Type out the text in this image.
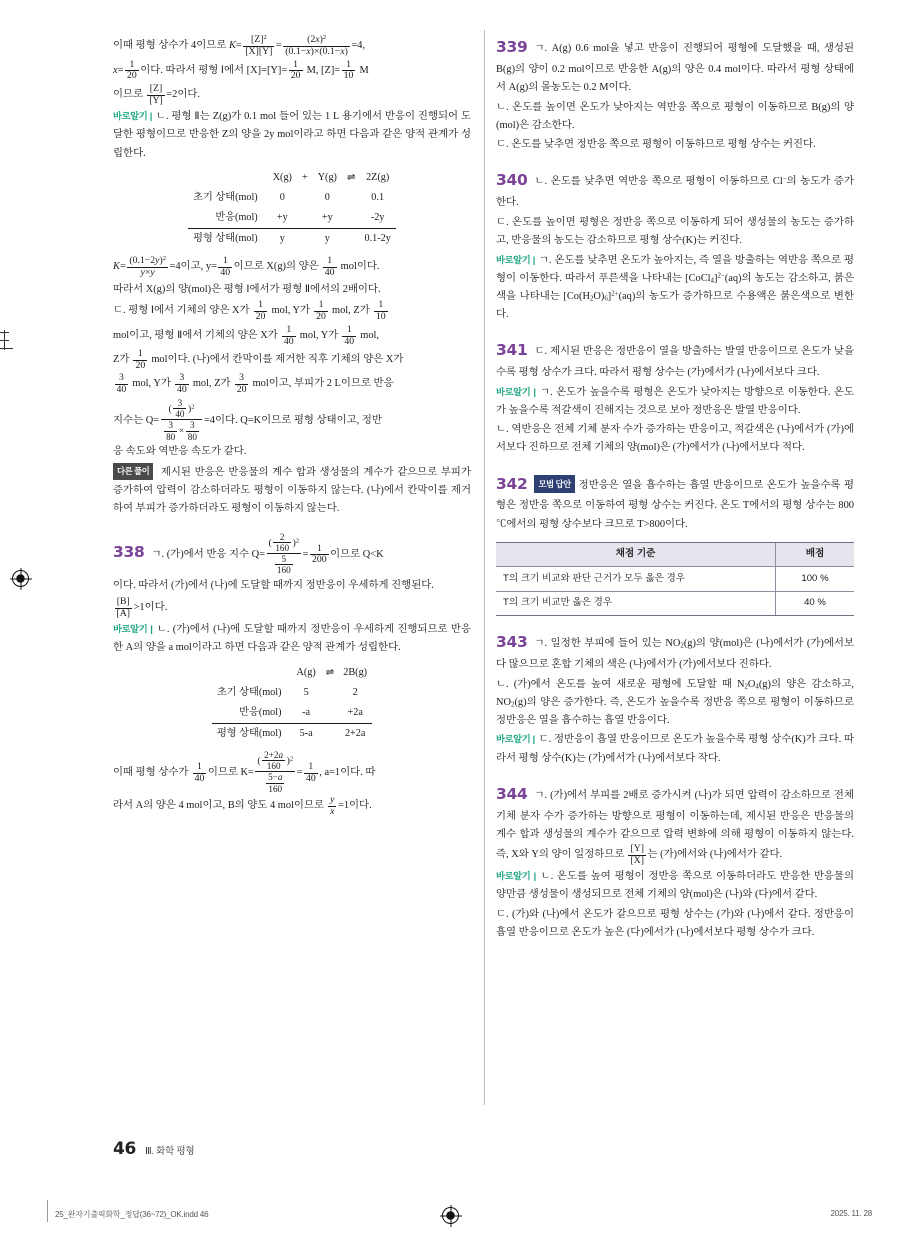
이때 평형 상수가 4이므로 $K= \frac{[Z]^2}{[X][Y]} = \frac{(2x)^2}{(0.1-x)\times(0.1-x)} =4$,

$x= \frac{1}{20}$ 이다. 따라서 평형 Ⅰ에서 $[X]=[Y]= \frac{1}{20} M$, $[Z]= \frac{1}{10}$ M

이므로 $\frac{[Z]}{[Y]} =2$이다.

바로알기 | ㄴ. 평형 Ⅱ는 Z(g)가 0.1 mol 들어 있는 1 L 용기에서 반응이 진행되어 도달한 평형이므로 반응한 Z의 양을 2y mol이라고 하면 다음과 같은 양적 관계가 성립한다.

	X(g)	+	Y(g)	⇌	2Z(g)
초기 상태(mol)	0		0		0.1
반응(mol)	+y		+y		-2y
평형 상태(mol)	y		y		0.1-2y

$K= \frac{(0.1-2y)^2}{y\times y} =4$이고, $y= \frac{1}{40}$ 이므로 X(g)의 양은 $\frac{1}{40}$ mol이다.

따라서 X(g)의 양(mol)은 평형 Ⅰ에서가 평형 Ⅱ에서의 2배이다.

ㄷ. 평형 Ⅰ에서 기체의 양은 X가 $\frac{1}{20}$ mol, Y가 $\frac{1}{20}$ mol, Z가 $\frac{1}{10}$

mol이고, 평형 Ⅱ에서 기체의 양은 X가 $\frac{1}{40}$ mol, Y가 $\frac{1}{40}$ mol,

Z가 $\frac{1}{20}$ mol이다. (나)에서 칸막이를 제거한 직후 기체의 양은 X가

$\frac{3}{40}$ mol, Y가 $\frac{3}{40}$ mol, Z가 $\frac{3}{20}$ mol이고, 부피가 2 L이므로 반응

지수는 $Q= \frac{( \frac{3}{40} )^2}{\frac{3}{80} \times \frac{3}{80}} =4$이다. Q=K이므로 평형 상태이고, 정반

응 속도와 역반응 속도가 같다.

다른 풀이 제시된 반응은 반응물의 계수 합과 생성물의 계수가 같으므로 부피가 증가하여 압력이 감소하더라도 평형이 이동하지 않는다. (나)에서 칸막이를 제거하여 부피가 증가하더라도 평형이 이동하지 않는다.

338 ㄱ. (가)에서 반응 지수 $Q= \frac{( \frac{2}{160} )^2}{\frac{5}{160}} = \frac{1}{200}$ 이므로 Q<K

이다. 따라서 (가)에서 (나)에 도달할 때까지 정반응이 우세하게 진행된다.

$\frac{[B]}{[A]} >1$이다.

바로알기 | ㄴ. (가)에서 (나)에 도달할 때까지 정반응이 우세하게 진행되므로 반응한 A의 양을 a mol이라고 하면 다음과 같은 양적 관계가 성립한다.

	A(g)	⇌	2B(g)
초기 상태(mol)	5		2
반응(mol)	-a		+2a
평형 상태(mol)	5-a		2+2a

이때 평형 상수가 $\frac{1}{40}$ 이므로 $K= \frac{( \frac{2+2a}{160} )^2}{\frac{5-a}{160}} = \frac{1}{40}$ , a=1이다. 따

라서 A의 양은 4 mol이고, B의 양도 4 mol이므로 $\frac{y}{x} =1$이다.

339 ㄱ. A(g) 0.6 mol을 넣고 반응이 진행되어 평형에 도달했을 때, 생성된 B(g)의 양이 0.2 mol이므로 반응한 A(g)의 양은 0.4 mol이다. 따라서 평형 상태에서 A(g)의 몰농도는 0.2 M이다.

ㄴ. 온도를 높이면 온도가 낮아지는 역반응 쪽으로 평형이 이동하므로 B(g)의 양(mol)은 감소한다.

ㄷ. 온도를 낮추면 정반응 쪽으로 평형이 이동하므로 평형 상수는 커진다.

340 ㄴ. 온도를 낮추면 역반응 쪽으로 평형이 이동하므로 Cl−의 농도가 증가한다.

ㄷ. 온도를 높이면 평형은 정반응 쪽으로 이동하게 되어 생성물의 농도는 증가하고, 반응물의 농도는 감소하므로 평형 상수(K)는 커진다.

바로알기 | ㄱ. 온도를 낮추면 온도가 높아지는, 즉 열을 방출하는 역반응 쪽으로 평형이 이동한다. 따라서 푸른색을 나타내는 [CoCl$_4$]$^{2-}$(aq)의 농도는 감소하고, 붉은색을 나타내는 $[Co(H_2O)_6]^{2+}(aq)$의 농도가 증가하므로 수용액은 붉은색으로 변한다.

341 ㄷ. 제시된 반응은 정반응이 열을 방출하는 발열 반응이므로 온도가 낮을수록 평형 상수가 크다. 따라서 평형 상수는 (가)에서가 (나)에서보다 크다.

바로알기 | ㄱ. 온도가 높을수록 평형은 온도가 낮아지는 방향으로 이동한다. 온도가 높을수록 적갈색이 진해지는 것으로 보아 정반응은 발열 반응이다.

ㄴ. 역반응은 전체 기체 분자 수가 증가하는 반응이고, 적갈색은 (나)에서가 (가)에서보다 진하므로 전체 기체의 양(mol)은 (가)에서가 (나)에서보다 적다.

342 모범 답안 정반응은 열을 흡수하는 흡열 반응이므로 온도가 높을수록 평형은 정반응 쪽으로 이동하여 평형 상수는 커진다. 온도 T에서의 평형 상수는 800 ℃에서의 평형 상수보다 크므로 T>800이다.

채점 기준	배점
T의 크기 비교와 판단 근거가 모두 옳은 경우	100 %
T의 크기 비교만 옳은 경우	40 %

343 ㄱ. 일정한 부피에 들어 있는 $NO_2(g)$의 양(mol)은 (나)에서가 (가)에서보다 많으므로 혼합 기체의 색은 (나)에서가 (가)에서보다 진하다.

ㄴ. (가)에서 온도를 높여 새로운 평형에 도달할 때 $N_2O_4(g)$의 양은 감소하고, $NO_2(g)$의 양은 증가한다. 즉, 온도가 높을수록 정반응 쪽으로 평형이 이동하므로 정반응은 열을 흡수하는 흡열 반응이다.

바로알기 | ㄷ. 정반응이 흡열 반응이므로 온도가 높을수록 평형 상수(K)가 크다. 따라서 평형 상수(K)는 (가)에서가 (나)에서보다 작다.

344 ㄱ. (가)에서 부피를 2배로 증가시켜 (나)가 되면 압력이 감소하므로 전체 기체 분자 수가 증가하는 방향으로 평형이 이동하는데, 제시된 반응은 반응물의 계수 합과 생성물의 계수가 같으므로 압력 변화에 의해 평형이 이동하지 않는다. 즉, X와 Y의 양이 일정하므로 $\frac{[Y]}{[X]}$ 는 (가)에서와 (나)에서가 같다.

바로알기 | ㄴ. 온도를 높여 평형이 정반응 쪽으로 이동하더라도 반응한 반응물의 양만큼 생성물이 생성되므로 전체 기체의 양(mol)은 (나)와 (다)에서 같다.

ㄷ. (가)와 (나)에서 온도가 같으므로 평형 상수는 (가)와 (나)에서 같다. 정반응이 흡열 반응이므로 온도가 높은 (다)에서가 (나)에서보다 평형 상수가 크다.

46 Ⅲ. 화학 평형
25_완자기출픽화학_정답(36~72)_OK.indd 46	2025. 11. 28
